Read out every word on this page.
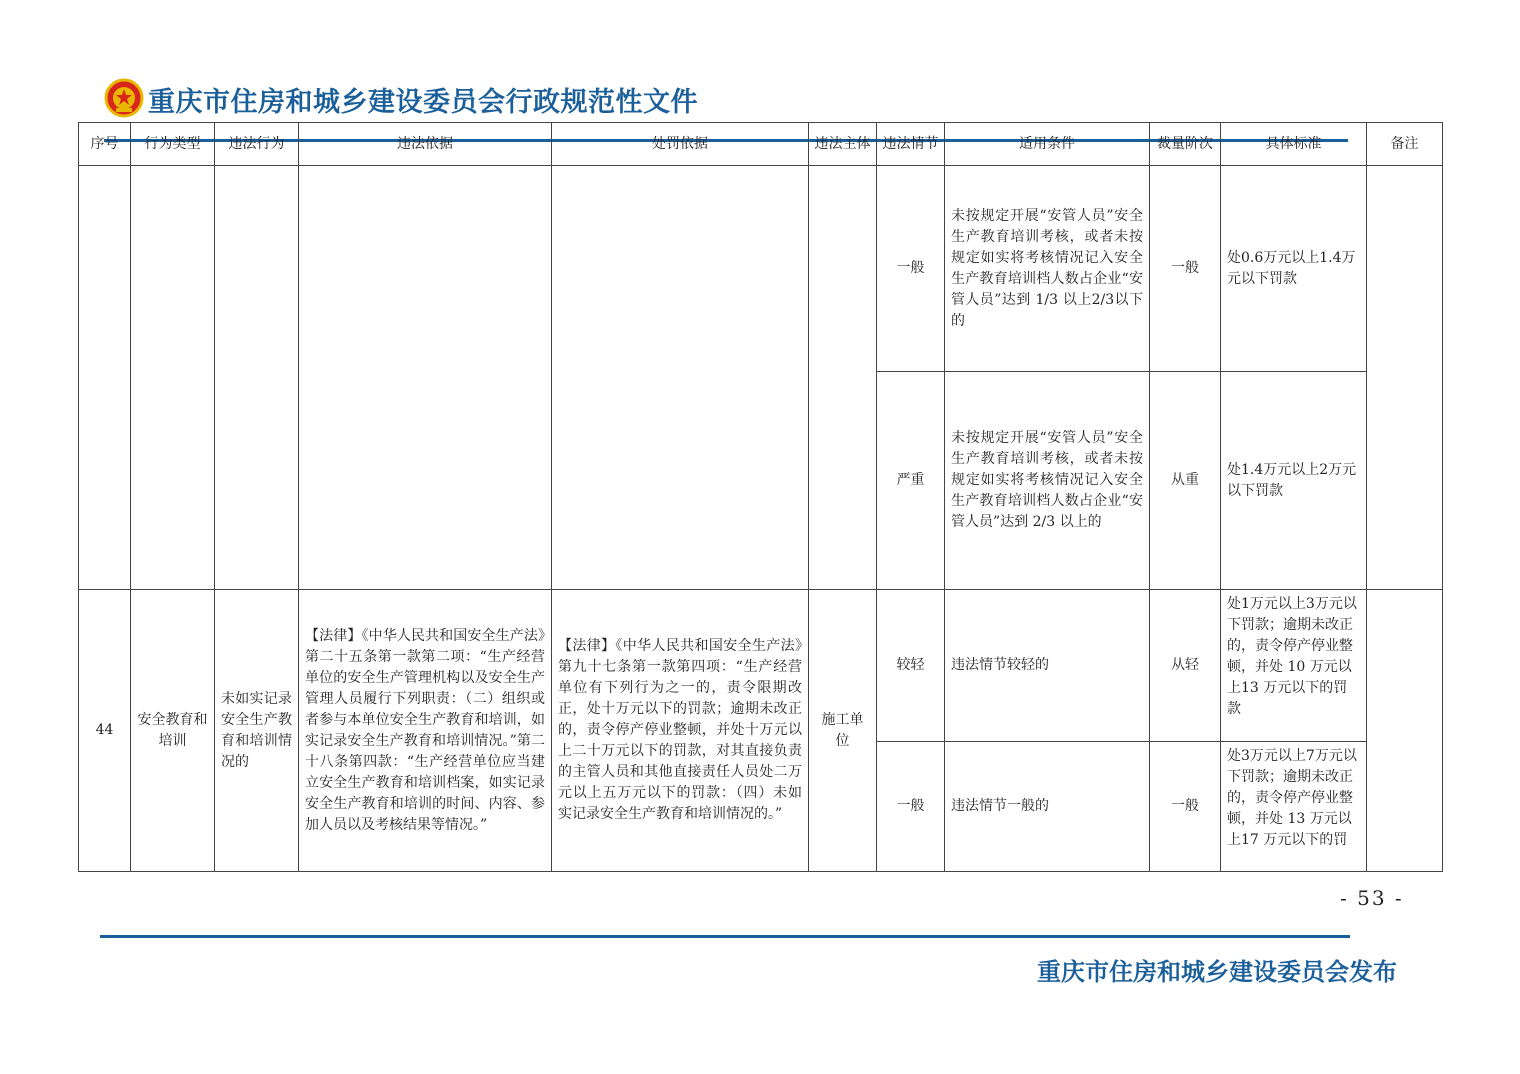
重庆市住房和城乡建设委员会行政规范性文件
序号	行为类型	违法行为	违法依据	处罚依据	违法主体	违法情节	适用条件	裁量阶次	具体标准	备注
						一般	未按规定开展“安管人员”安全生产教育培训考核，或者未按规定如实将考核情况记入安全生产教育培训档人数占企业“安管人员”达到 1/3 以上2/3以下的	一般	处0.6万元以上1.4万元以下罚款	
						严重	未按规定开展“安管人员”安全生产教育培训考核，或者未按规定如实将考核情况记入安全生产教育培训档人数占企业“安管人员”达到 2/3 以上的	从重	处1.4万元以上2万元以下罚款	
44	安全教育和培训	未如实记录安全生产教育和培训情况的	【法律】《中华人民共和国安全生产法》第二十五条第一款第二项：“生产经营单位的安全生产管理机构以及安全生产管理人员履行下列职责：（二）组织或者参与本单位安全生产教育和培训，如实记录安全生产教育和培训情况。”第二十八条第四款：“生产经营单位应当建立安全生产教育和培训档案，如实记录安全生产教育和培训的时间、内容、参加人员以及考核结果等情况。”	【法律】《中华人民共和国安全生产法》第九十七条第一款第四项：“生产经营单位有下列行为之一的，责令限期改正，处十万元以下的罚款；逾期未改正的，责令停产停业整顿，并处十万元以上二十万元以下的罚款，对其直接负责的主管人员和其他直接责任人员处二万元以上五万元以下的罚款：（四）未如实记录安全生产教育和培训情况的。”	施工单位	较轻	违法情节较轻的	从轻	处1万元以上3万元以下罚款；逾期未改正的，责令停产停业整顿，并处 10 万元以上13 万元以下的罚款	
						一般	违法情节一般的	一般	处3万元以上7万元以下罚款；逾期未改正的，责令停产停业整顿，并处 13 万元以上17 万元以下的罚	
- 53 -
重庆市住房和城乡建设委员会发布
